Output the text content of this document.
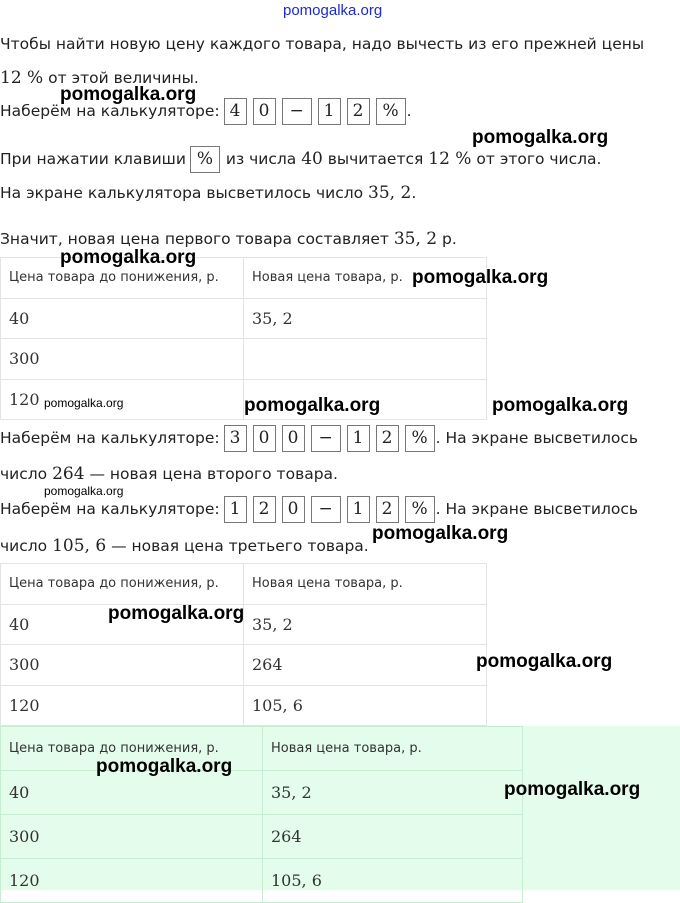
pomogalka.org
Чтобы найти новую цену каждого товара, надо вычесть из его прежней цены
12 % от этой величины.
Наберём на калькуляторе: 4 0 − 1 2 % .
При нажатии клавиши % из числа 40 вычитается 12 % от этого числа.
На экране калькулятора высветилось число 35, 2.
Значит, новая цена первого товара составляет 35, 2 р.
Цена товара до понижения, р.	Новая цена товара, р.
40	35, 2
300	
120	
Наберём на калькуляторе: 3 0 0 − 1 2 % . На экране высветилось
число 264 — новая цена второго товара.
Наберём на калькуляторе: 1 2 0 − 1 2 % . На экране высветилось
число 105, 6 — новая цена третьего товара.
Цена товара до понижения, р.	Новая цена товара, р.
40	35, 2
300	264
120	105, 6
Цена товара до понижения, р.	Новая цена товара, р.
40	35, 2
300	264
120	105, 6
pomogalka.org
pomogalka.org
pomogalka.org
pomogalka.org
pomogalka.org	pomogalka.org	pomogalka.org
pomogalka.org
pomogalka.org
pomogalka.org
pomogalka.org
pomogalka.org
pomogalka.org
